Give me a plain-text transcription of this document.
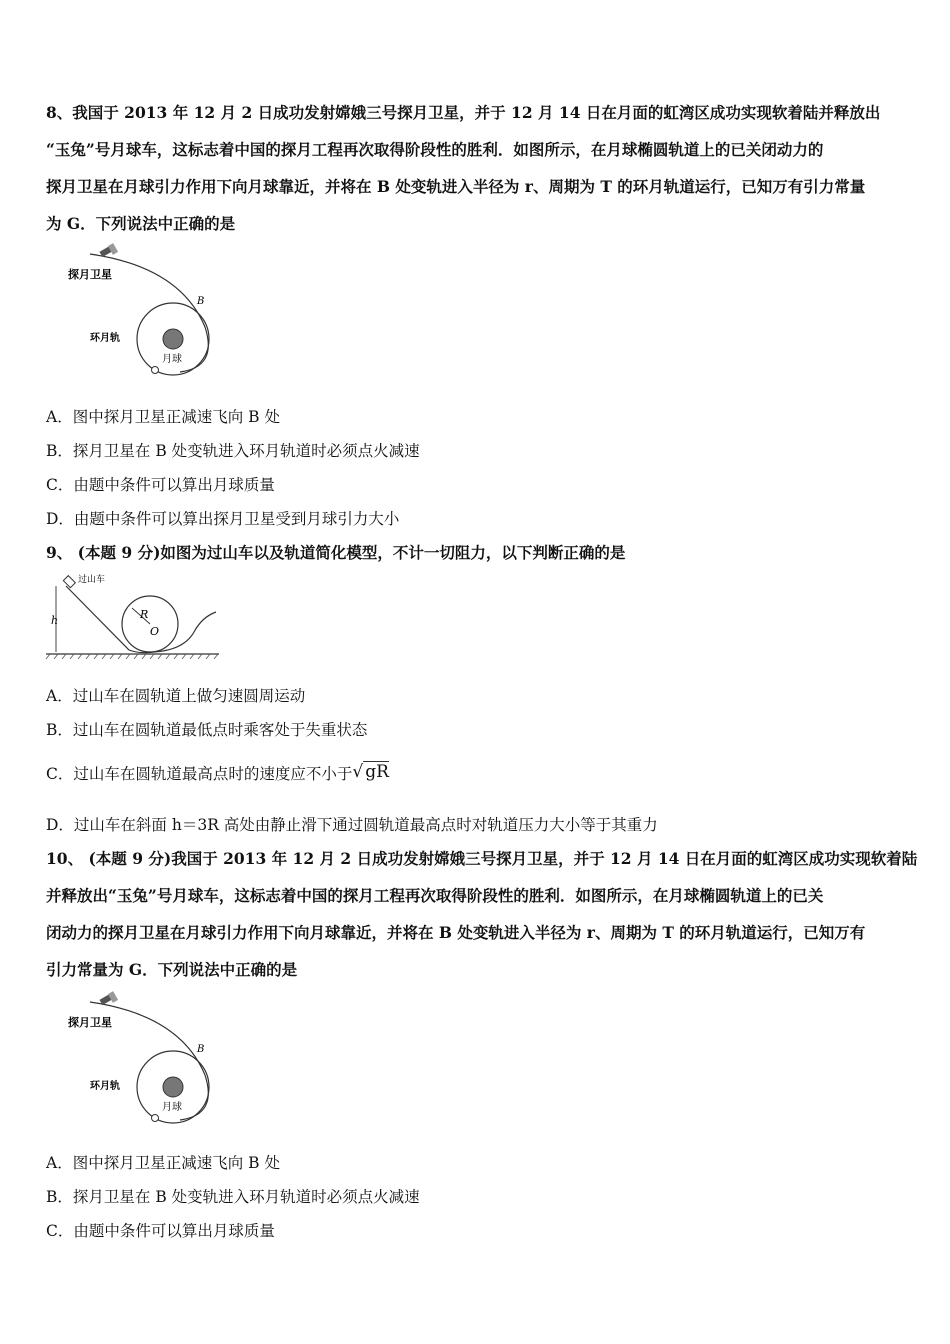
8、我国于 2013 年 12 月 2 日成功发射嫦娥三号探月卫星，并于 12 月 14 日在月面的虹湾区成功实现软着陆并释放出
“玉兔”号月球车，这标志着中国的探月工程再次取得阶段性的胜利．如图所示，在月球椭圆轨道上的已关闭动力的
探月卫星在月球引力作用下向月球靠近，并将在 B 处变轨进入半径为 r、周期为 T 的环月轨道运行，已知万有引力常量
为 G．下列说法中正确的是
探月卫星
B
环月轨
月球
A．图中探月卫星正减速飞向 B 处
B．探月卫星在 B 处变轨进入环月轨道时必须点火减速
C．由题中条件可以算出月球质量
D．由题中条件可以算出探月卫星受到月球引力大小
9、 (本题 9 分)如图为过山车以及轨道简化模型，不计一切阻力，以下判断正确的是
过山车
h	R
O
A．过山车在圆轨道上做匀速圆周运动
B．过山车在圆轨道最低点时乘客处于失重状态
C．过山车在圆轨道最高点时的速度应不小于√ gR
D．过山车在斜面 h＝3R 高处由静止滑下通过圆轨道最高点时对轨道压力大小等于其重力
10、 (本题 9 分)我国于 2013 年 12 月 2 日成功发射嫦娥三号探月卫星，并于 12 月 14 日在月面的虹湾区成功实现软着陆
并释放出“玉兔”号月球车，这标志着中国的探月工程再次取得阶段性的胜利．如图所示，在月球椭圆轨道上的已关
闭动力的探月卫星在月球引力作用下向月球靠近，并将在 B 处变轨进入半径为 r、周期为 T 的环月轨道运行，已知万有
引力常量为 G．下列说法中正确的是
探月卫星
B
环月轨
月球
A．图中探月卫星正减速飞向 B 处
B．探月卫星在 B 处变轨进入环月轨道时必须点火减速
C．由题中条件可以算出月球质量
